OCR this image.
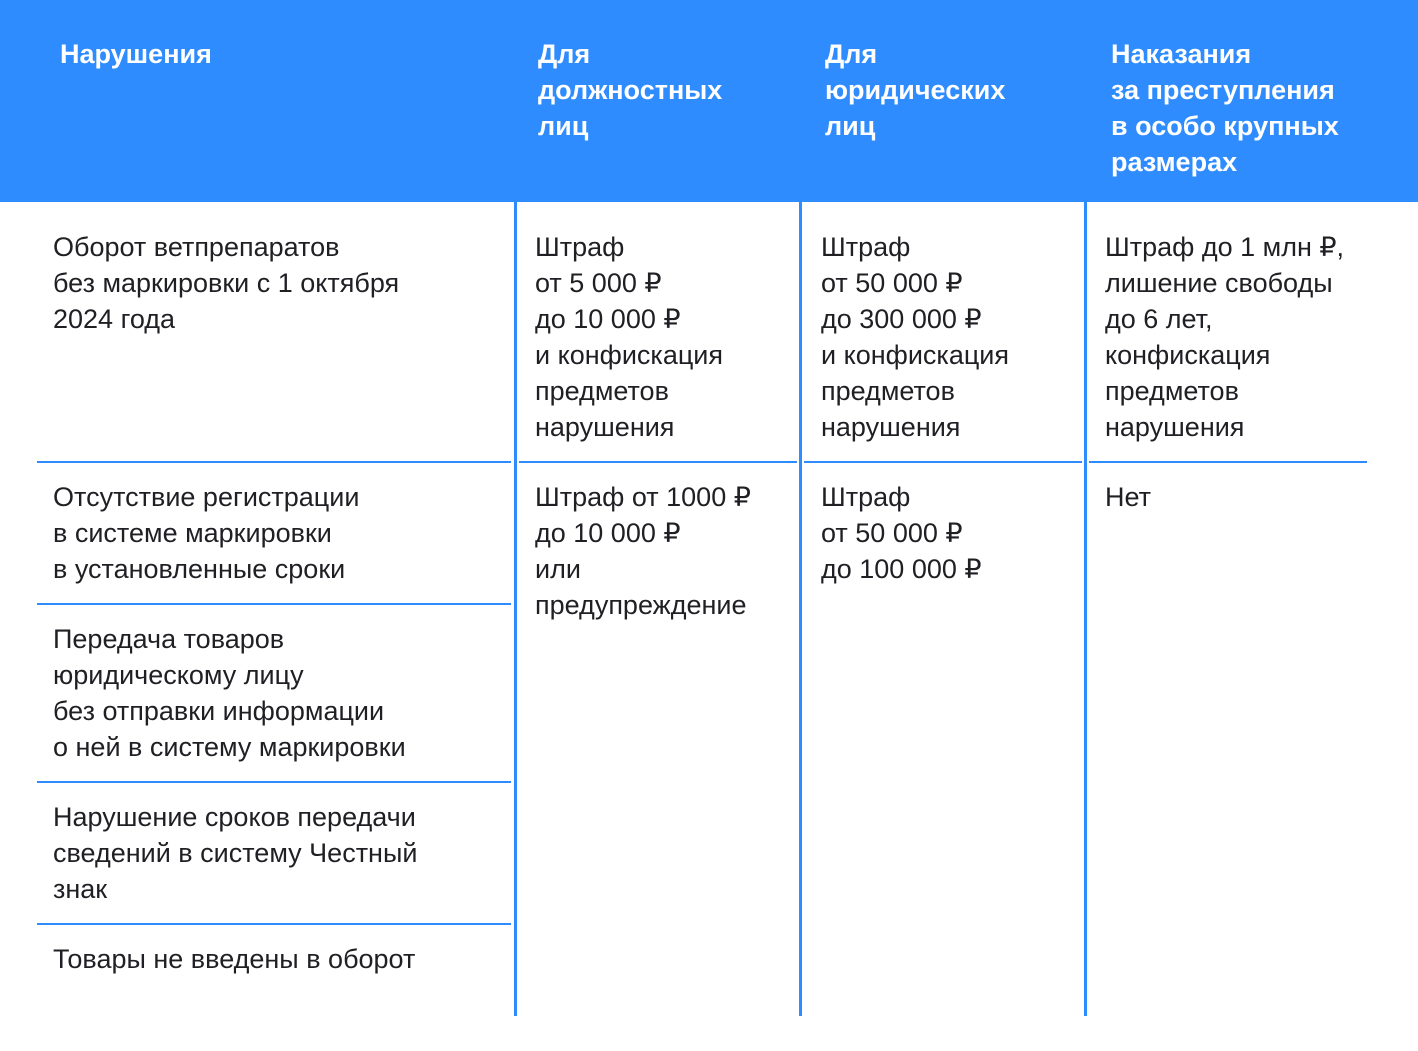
Нарушения	Для
должностных
лиц
Для
юридических
лиц
Наказания
за преступления
в особо крупных
размерах
Оборот ветпрепаратов
без маркировки с 1 октября
2024 года
Штраф
от 5 000 ₽
до 10 000 ₽
и конфискация
предметов
нарушения
Штраф
от 50 000 ₽
до 300 000 ₽
и конфискация
предметов
нарушения
Штраф до 1 млн ₽,
лишение свободы
до 6 лет,
конфискация
предметов
нарушения
Отсутствие регистрации
в системе маркировки
в установленные сроки
Передача товаров
юридическому лицу
без отправки информации
о ней в систему маркировки
Нарушение сроков передачи
сведений в систему Честный
знак
Товары не введены в оборот
Штраф от 1000 ₽
до 10 000 ₽
или
предупреждение
Штраф
от 50 000 ₽
до 100 000 ₽
Нет
